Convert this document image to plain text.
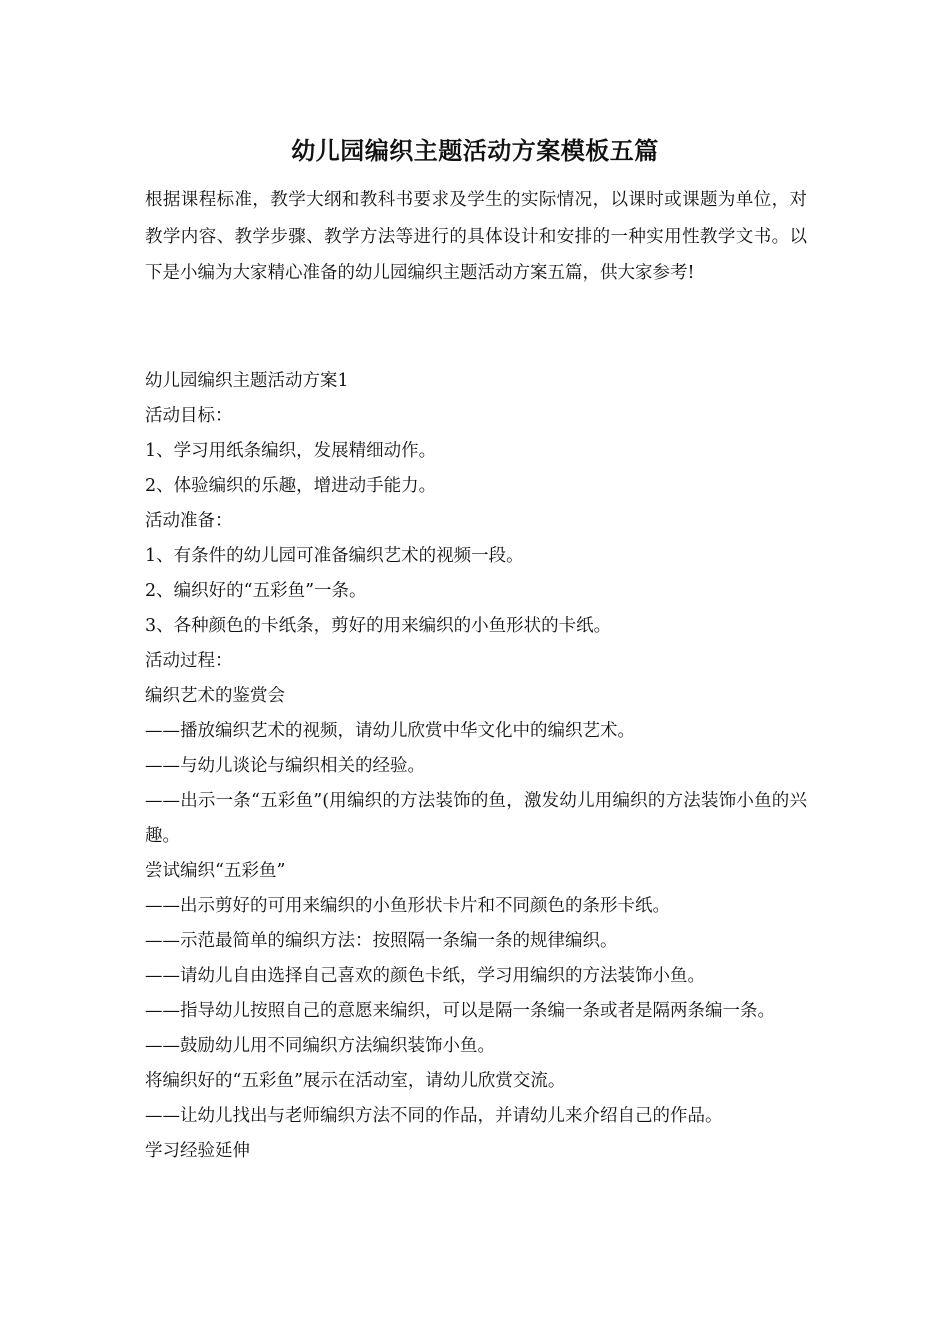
幼儿园编织主题活动方案模板五篇

根据课程标准，教学大纲和教科书要求及学生的实际情况，以课时或课题为单位，对教学内容、教学步骤、教学方法等进行的具体设计和安排的一种实用性教学文书。以下是小编为大家精心准备的幼儿园编织主题活动方案五篇，供大家参考!

幼儿园编织主题活动方案1

活动目标：

1、学习用纸条编织，发展精细动作。

2、体验编织的乐趣，增进动手能力。

活动准备：

1、有条件的幼儿园可准备编织艺术的视频一段。

2、编织好的“五彩鱼”一条。

3、各种颜色的卡纸条，剪好的用来编织的小鱼形状的卡纸。

活动过程：

编织艺术的鉴赏会

——播放编织艺术的视频，请幼儿欣赏中华文化中的编织艺术。

——与幼儿谈论与编织相关的经验。

——出示一条“五彩鱼”(用编织的方法装饰的鱼，激发幼儿用编织的方法装饰小鱼的兴趣。

尝试编织“五彩鱼”

——出示剪好的可用来编织的小鱼形状卡片和不同颜色的条形卡纸。

——示范最简单的编织方法：按照隔一条编一条的规律编织。

——请幼儿自由选择自己喜欢的颜色卡纸，学习用编织的方法装饰小鱼。

——指导幼儿按照自己的意愿来编织，可以是隔一条编一条或者是隔两条编一条。

——鼓励幼儿用不同编织方法编织装饰小鱼。

将编织好的“五彩鱼”展示在活动室，请幼儿欣赏交流。

——让幼儿找出与老师编织方法不同的作品，并请幼儿来介绍自己的作品。

学习经验延伸
